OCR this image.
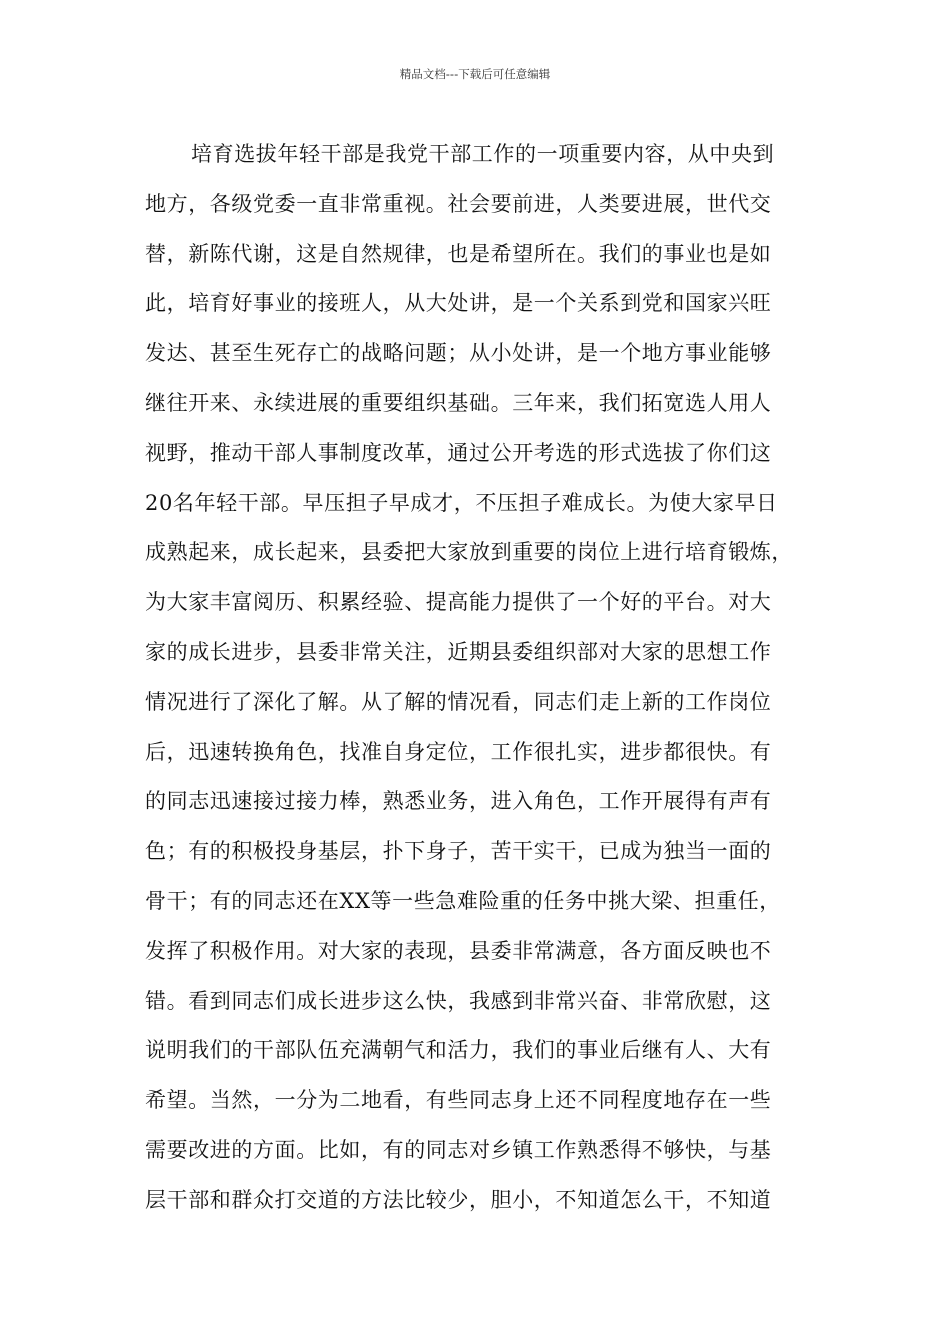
精品文档---下载后可任意编辑
培育选拔年轻干部是我党干部工作的一项重要内容，从中央到
地方，各级党委一直非常重视。社会要前进，人类要进展，世代交
替，新陈代谢，这是自然规律，也是希望所在。我们的事业也是如
此，培育好事业的接班人，从大处讲，是一个关系到党和国家兴旺
发达、甚至生死存亡的战略问题；从小处讲，是一个地方事业能够
继往开来、永续进展的重要组织基础。三年来，我们拓宽选人用人
视野，推动干部人事制度改革，通过公开考选的形式选拔了你们这
20名年轻干部。早压担子早成才，不压担子难成长。为使大家早日
成熟起来，成长起来，县委把大家放到重要的岗位上进行培育锻炼，
为大家丰富阅历、积累经验、提高能力提供了一个好的平台。对大
家的成长进步，县委非常关注，近期县委组织部对大家的思想工作
情况进行了深化了解。从了解的情况看，同志们走上新的工作岗位
后，迅速转换角色，找准自身定位，工作很扎实，进步都很快。有
的同志迅速接过接力棒，熟悉业务，进入角色，工作开展得有声有
色；有的积极投身基层，扑下身子，苦干实干，已成为独当一面的
骨干；有的同志还在XX等一些急难险重的任务中挑大梁、担重任，
发挥了积极作用。对大家的表现，县委非常满意，各方面反映也不
错。看到同志们成长进步这么快，我感到非常兴奋、非常欣慰，这
说明我们的干部队伍充满朝气和活力，我们的事业后继有人、大有
希望。当然，一分为二地看，有些同志身上还不同程度地存在一些
需要改进的方面。比如，有的同志对乡镇工作熟悉得不够快，与基
层干部和群众打交道的方法比较少，胆小，不知道怎么干，不知道
